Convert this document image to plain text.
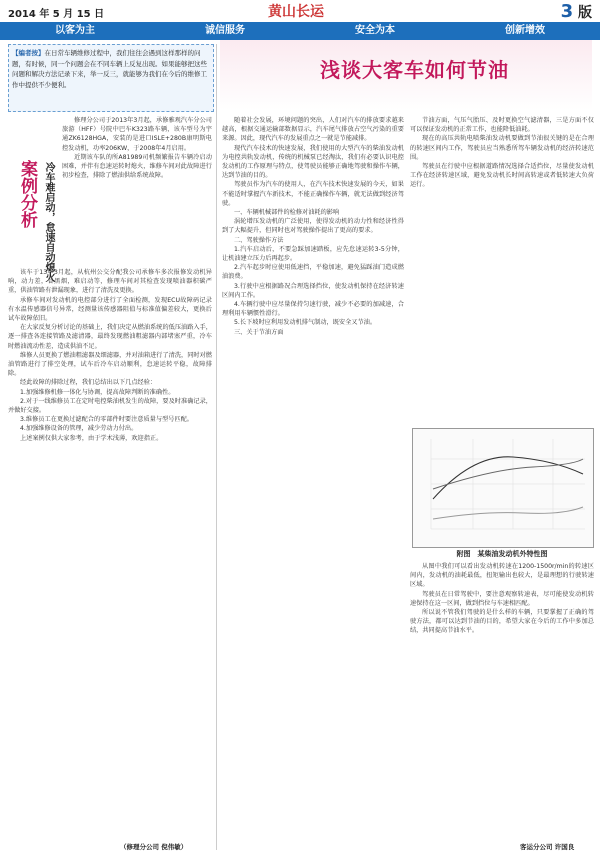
2014 年 5 月 15 日	黄山长运	3 版
以客为主	诚信服务	安全为本	创新增效
【编者按】在日常车辆维修过程中，我们往往会遇到这样那样的问题，有时候，同一个问题会在不同车辆上反复出现。如果能够把这些问题和解决方法记录下来，举一反三，就能够为我们在今后的维修工作中提供不少便利。
案例分析 冷车难启动，怠速自动熄火

修理分公司于2013年3月起，承修雅观汽车分公司旅游（HFF）号院中巴车K323路车辆，该车型号为宇通ZK6128HGA，安装的是进口ISLE+280B康明斯电控发动机，功率206KW，于2008年4月启用。

近期该车队的所A81989司机频繁报告车辆冷启动困难，并伴有怠速运转时熄火，维修车间对此故障进行初步检查，排除了燃油供给系统故障。

该车于13年3月起，从杭州公交分配我公司承修车多次报修发动机异响，动力差，冒黑烟，难启动等，修理车间对其检查发现喷油器积碳严重，供油管路有泄漏现象，进行了清洗及更换。

承修车间对发动机的电控部分进行了全面检测，发现ECU故障码记录有水温传感器信号异常，经测量该传感器阻值与标准值偏差较大，更换后试车故障依旧。

在大家反复分析讨论的基础上，我们决定从燃油系统的低压油路入手，逐一排查各连接管路及滤清器，最终发现燃油粗滤器内部堵塞严重，冷车时燃油流动性差，造成供油不足。

维修人员更换了燃油粗滤器及细滤器，并对油箱进行了清洗，同时对燃油管路进行了排空处理，试车后冷车启动顺利，怠速运转平稳，故障排除。

经此故障的排除过程，我们总结出以下几点经验：

1.加强维修机修一体化与协调，提高故障判断的准确性。

2.对于一线维修员工在定时电控柴油机发生的故障，要及时准确记录，并做好交接。

3.维修员工在更换过滤配合的零部件时要注意质量与型号匹配。

4.加强维修设备的管理，减少劳动力付出。

上述案例仅供大家参考，由于学术浅薄，欢迎指正。

（修理分公司 倪伟敏）
浅谈大客车如何节油

随着社会发展，环境问题的突出，人们对汽车的排放要求越来越高，根据交通运输部数据显示，汽车尾气排放占空气污染的重要来源。因此，现代汽车的发展重点之一就是节能减排。

现代汽车技术的快速发展，我们使用的大型汽车的柴油发动机为电控共轨发动机，传统的机械泵已经淘汰，我们有必要认识电控发动机的工作原理与特点，使驾驶员能够正确地驾驶和操作车辆，达到节油的目的。

驾驶员作为汽车的使用人，在汽车技术快速发展的今天，如果不能适时掌握汽车新技术，不能正确操作车辆，就无法做到经济驾驶。

一、车辆机械部件的检修对油耗的影响

涡轮增压发动机的广泛使用，使得发动机的动力性和经济性得到了大幅提升，但同时也对驾驶操作提出了更高的要求。

二、驾驶操作方法

1.汽车启动后，不要急踩加速踏板，应先怠速运转3-5分钟，让机油建立压力后再起步。

2.汽车起步时应使用低速挡，平稳加速，避免猛踩油门造成燃油浪费。

3.行驶中应根据路况合理选择挡位，使发动机保持在经济转速区间内工作。

4.车辆行驶中应尽量保持匀速行驶，减少不必要的加减速，合理利用车辆惯性滑行。

5.长下坡时应利用发动机排气制动，既安全又节油。

三、关于节油方面

节油方面，气压气胎压、及时更换空气滤清器，三是方面不仅可以保证发动机的正常工作，也能降低油耗。

现在的高压共轨电喷柴油发动机要做到节油很关键的是在合理的转速区间内工作，驾驶员应当熟悉所驾车辆发动机的经济转速范围。

驾驶员在行驶中应根据道路情况选择合适挡位，尽量使发动机工作在经济转速区域，避免发动机长时间高转速或者低转速大负荷运行。

附图　某柴油发动机外特性图

从图中我们可以看出发动机转速在1200-1500r/min的转速区间内，发动机的油耗最低，扭矩输出也较大，是最理想的行驶转速区域。

驾驶员在日常驾驶中，要注意观察转速表，尽可能使发动机转速保持在这一区间，做到挡位与车速相匹配。

所以说不管我们驾驶的是什么样的车辆，只要掌握了正确的驾驶方法，都可以达到节油的目的，希望大家在今后的工作中多加总结，共同提高节油水平。

客运分公司 许国良
